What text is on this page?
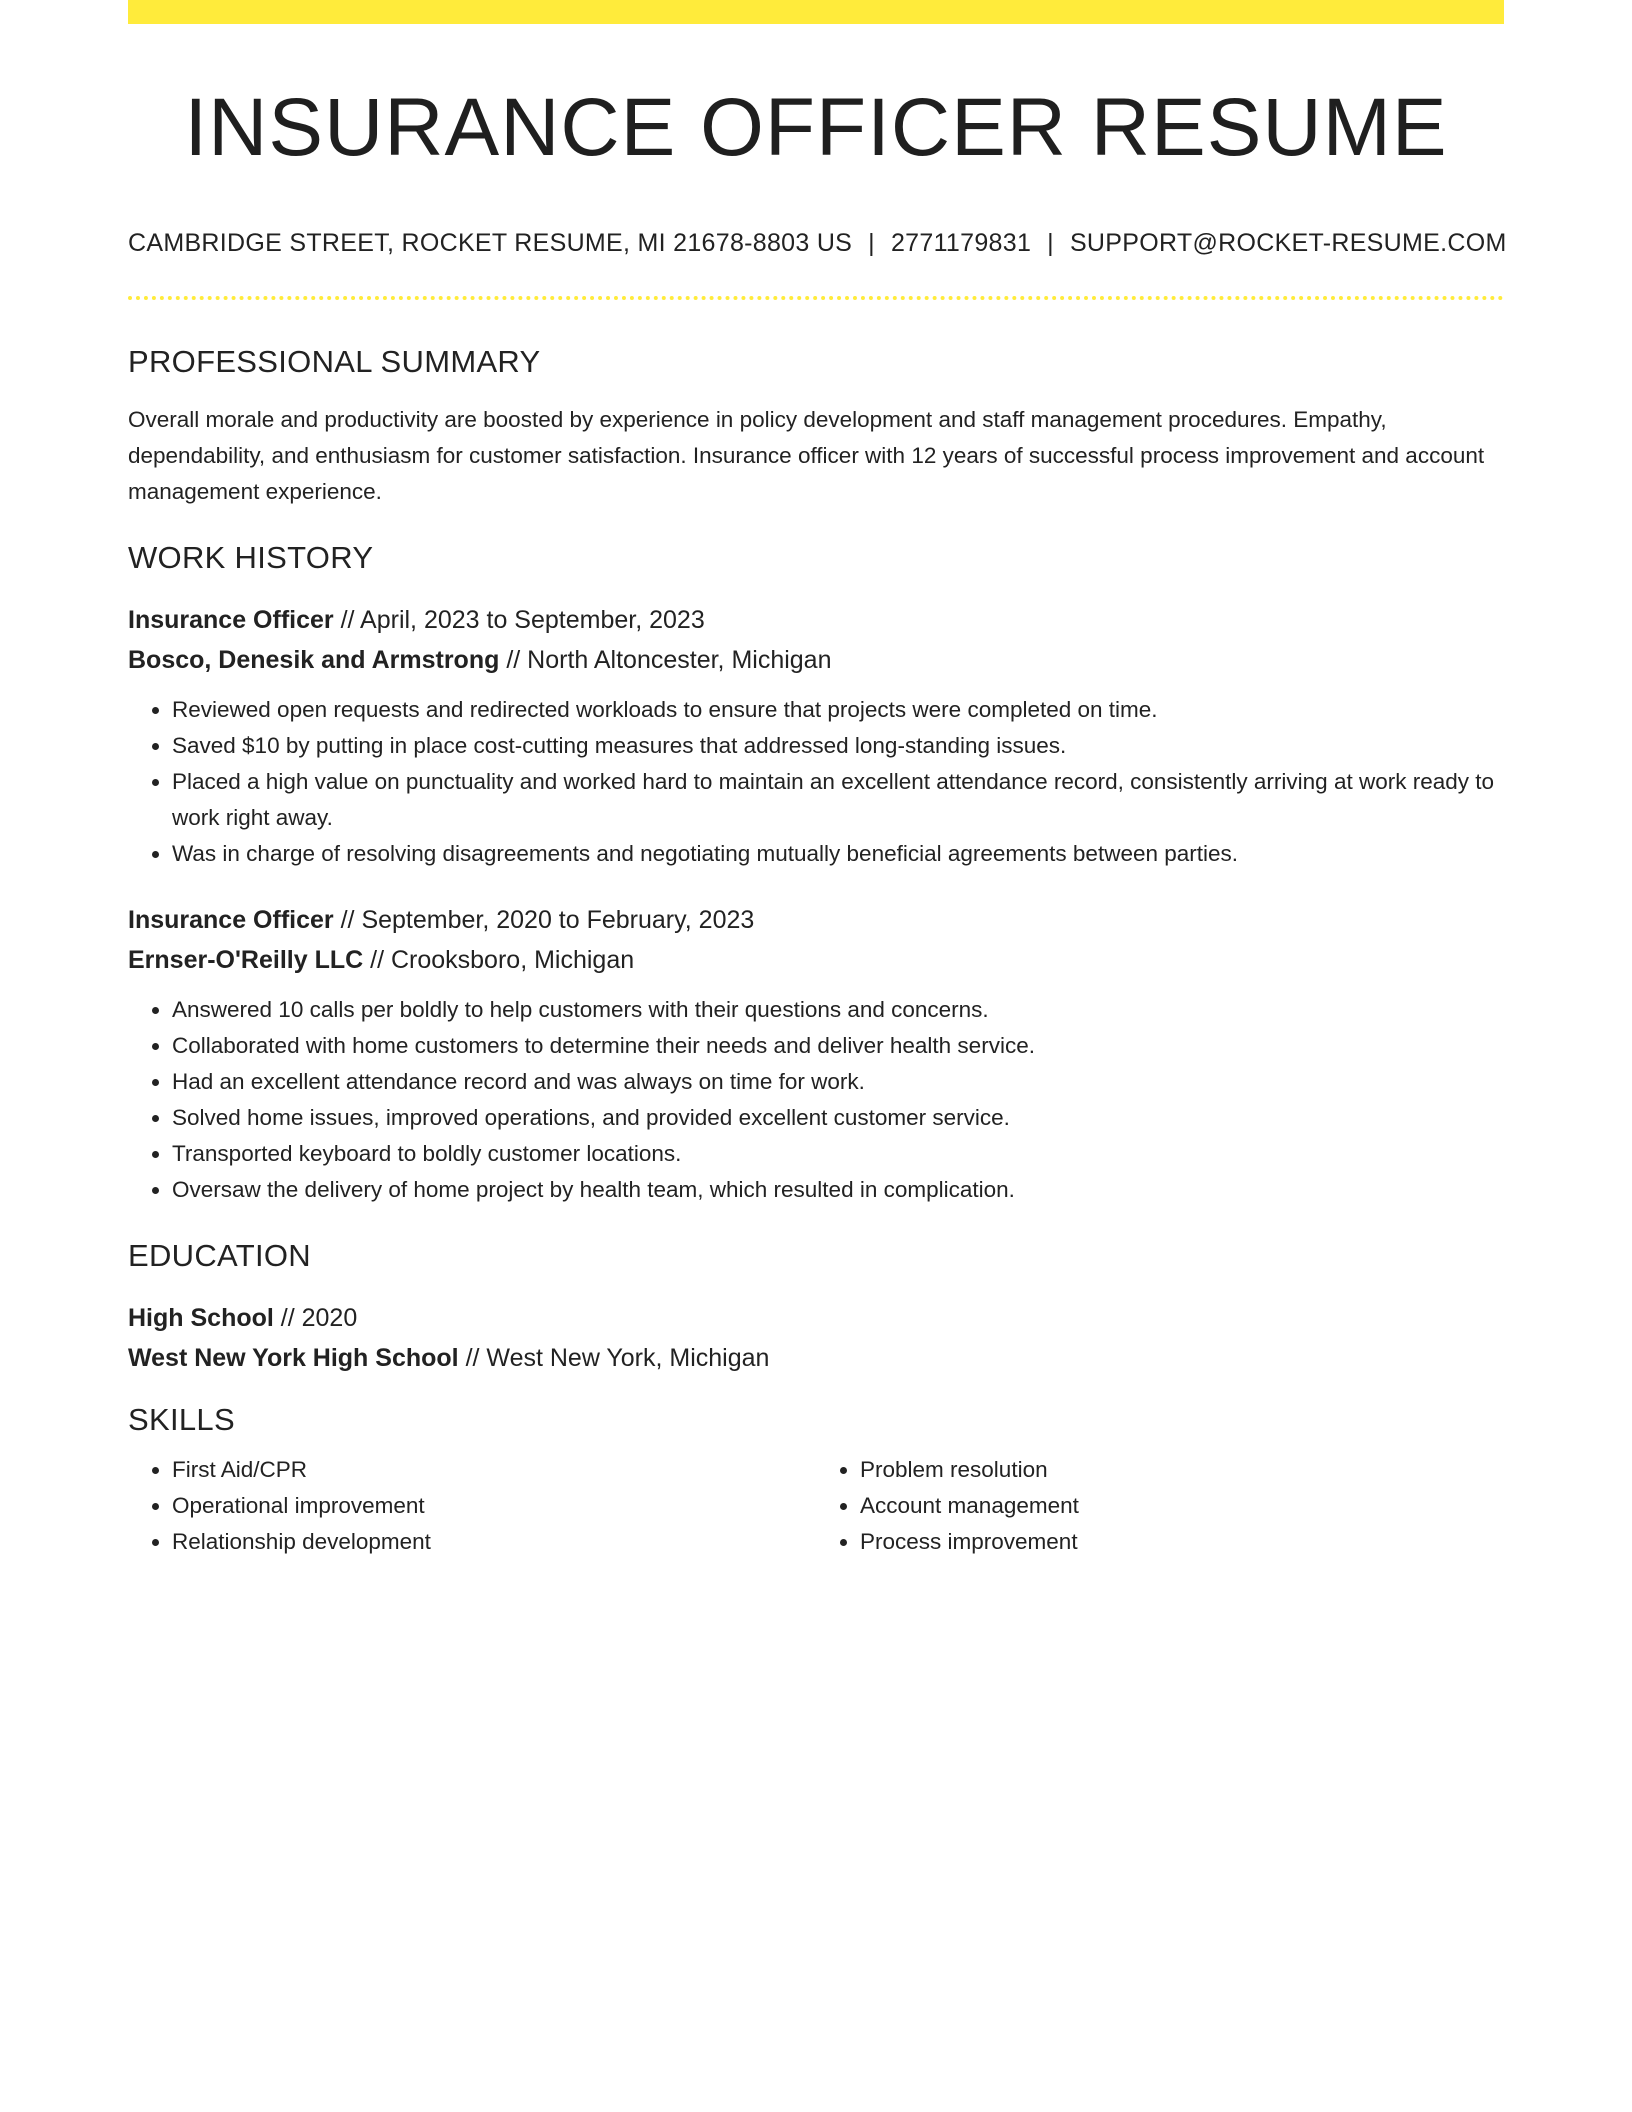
INSURANCE OFFICER RESUME
CAMBRIDGE STREET, ROCKET RESUME, MI 21678-8803 US | 2771179831 | SUPPORT@ROCKET-RESUME.COM
PROFESSIONAL SUMMARY
Overall morale and productivity are boosted by experience in policy development and staff management procedures. Empathy, dependability, and enthusiasm for customer satisfaction. Insurance officer with 12 years of successful process improvement and account management experience.
WORK HISTORY
Insurance Officer // April, 2023 to September, 2023
Bosco, Denesik and Armstrong // North Altoncester, Michigan
• Reviewed open requests and redirected workloads to ensure that projects were completed on time.
• Saved $10 by putting in place cost-cutting measures that addressed long-standing issues.
• Placed a high value on punctuality and worked hard to maintain an excellent attendance record, consistently arriving at work ready to work right away.
• Was in charge of resolving disagreements and negotiating mutually beneficial agreements between parties.
Insurance Officer // September, 2020 to February, 2023
Ernser-O'Reilly LLC // Crooksboro, Michigan
• Answered 10 calls per boldly to help customers with their questions and concerns.
• Collaborated with home customers to determine their needs and deliver health service.
• Had an excellent attendance record and was always on time for work.
• Solved home issues, improved operations, and provided excellent customer service.
• Transported keyboard to boldly customer locations.
• Oversaw the delivery of home project by health team, which resulted in complication.
EDUCATION
High School // 2020
West New York High School // West New York, Michigan
SKILLS
• First Aid/CPR
• Operational improvement
• Relationship development
• Problem resolution
• Account management
• Process improvement
